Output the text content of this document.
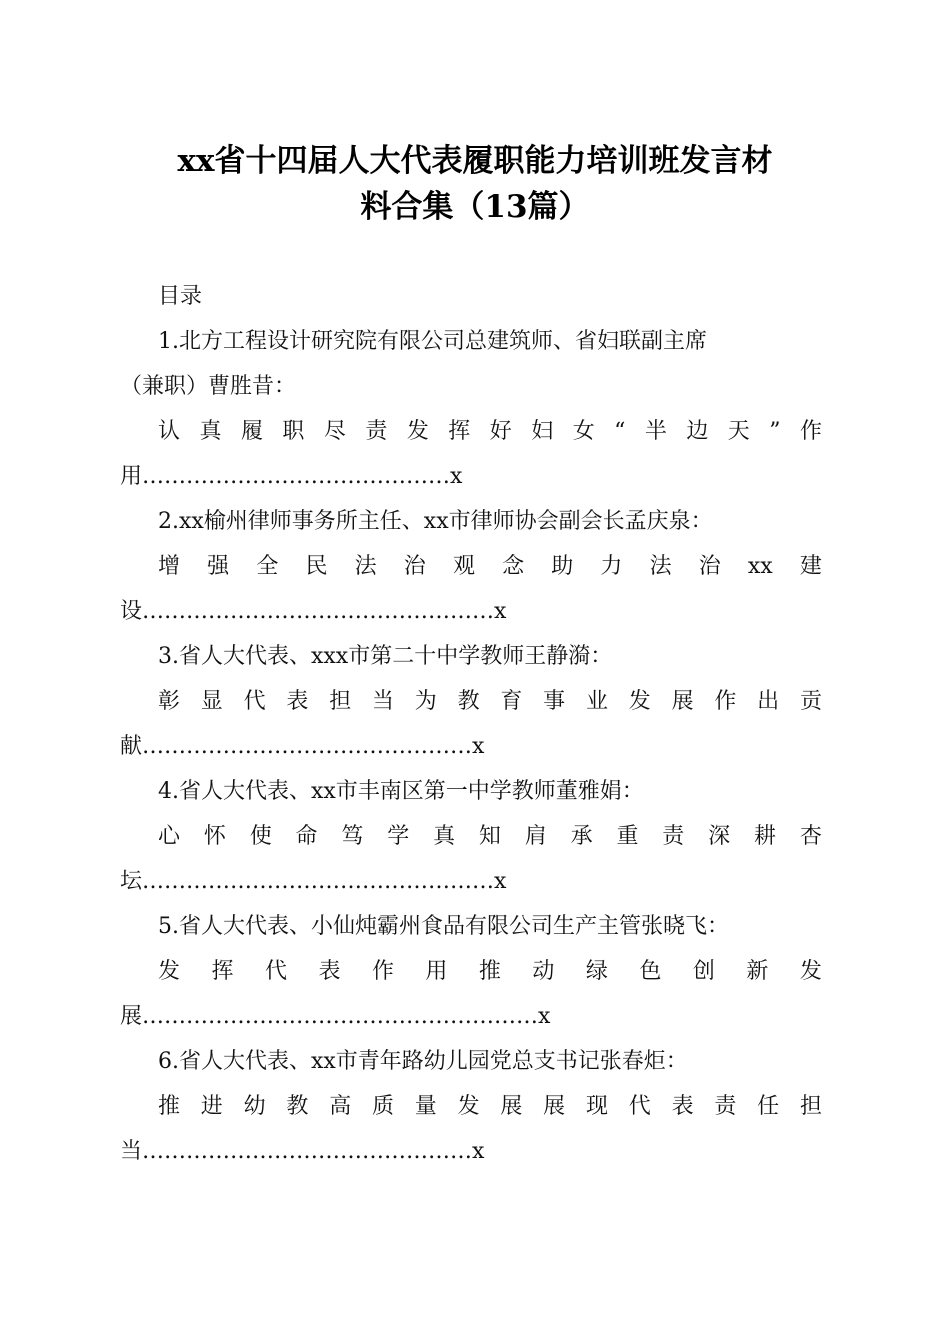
xx省十四届人大代表履职能力培训班发言材
料合集（13篇）
目录
1.北方工程设计研究院有限公司总建筑师、省妇联副主席
（兼职）曹胜昔：
认 真 履 职 尽 责 发 挥 好 妇 女 “ 半 边 天 ” 作
用……………………………………x
2.xx榆州律师事务所主任、xx市律师协会副会长孟庆泉：
增 强 全 民 法 治 观 念 助 力 法 治 xx 建
设…………………………………………x
3.省人大代表、xxx市第二十中学教师王静漪：
彰 显 代 表 担 当 为 教 育 事 业 发 展 作 出 贡
献………………………………………x
4.省人大代表、xx市丰南区第一中学教师董雅娟：
心 怀 使 命 笃 学 真 知 肩 承 重 责 深 耕 杏
坛…………………………………………x
5.省人大代表、小仙炖霸州食品有限公司生产主管张晓飞：
发 挥 代 表 作 用 推 动 绿 色 创 新 发
展………………………………………………x
6.省人大代表、xx市青年路幼儿园党总支书记张春炬：
推 进 幼 教 高 质 量 发 展 展 现 代 表 责 任 担
当………………………………………x
